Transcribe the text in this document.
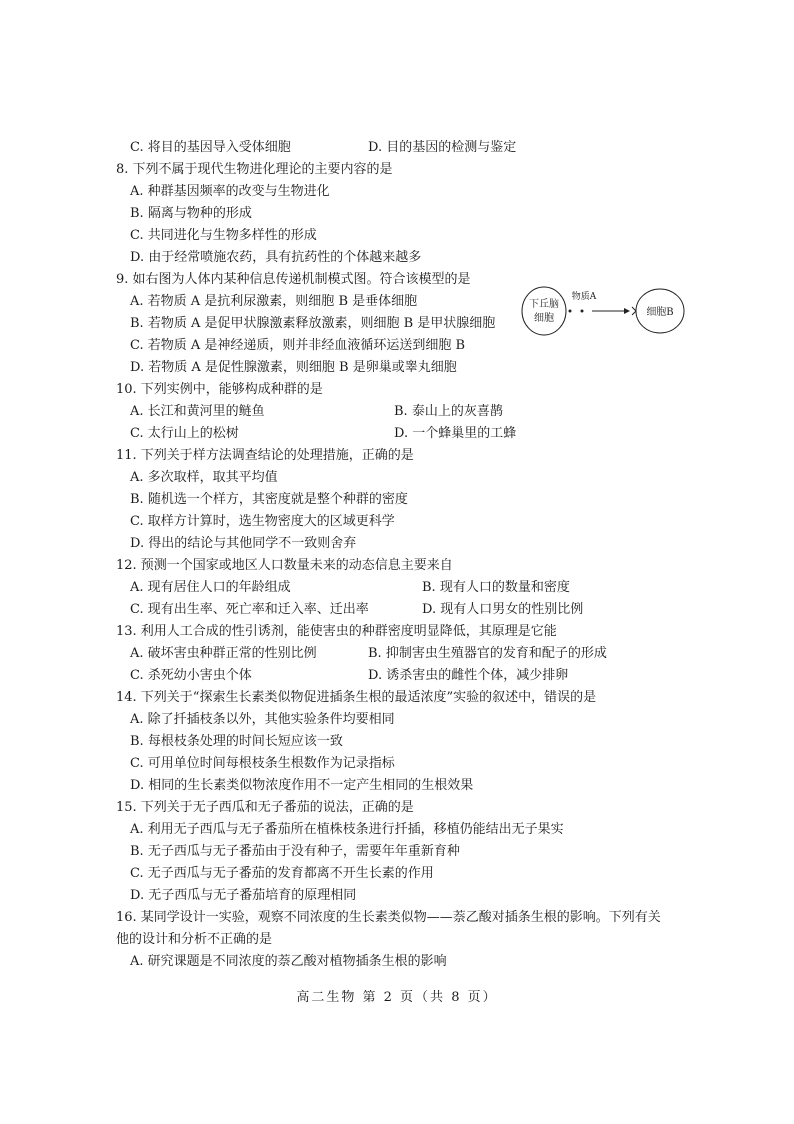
C. 将目的基因导入受体细胞	D. 目的基因的检测与鉴定
8. 下列不属于现代生物进化理论的主要内容的是
A. 种群基因频率的改变与生物进化
B. 隔离与物种的形成
C. 共同进化与生物多样性的形成
D. 由于经常喷施农药，具有抗药性的个体越来越多
9. 如右图为人体内某种信息传递机制模式图。符合该模型的是
A. 若物质 A 是抗利尿激素，则细胞 B 是垂体细胞
B. 若物质 A 是促甲状腺激素释放激素，则细胞 B 是甲状腺细胞
C. 若物质 A 是神经递质，则并非经血液循环运送到细胞 B
D. 若物质 A 是促性腺激素，则细胞 B 是卵巢或睾丸细胞
下丘脑
细胞
物质A
细胞B
10. 下列实例中，能够构成种群的是
A. 长江和黄河里的鲢鱼	B. 泰山上的灰喜鹊
C. 太行山上的松树	D. 一个蜂巢里的工蜂
11. 下列关于样方法调查结论的处理措施，正确的是
A. 多次取样，取其平均值
B. 随机选一个样方，其密度就是整个种群的密度
C. 取样方计算时，选生物密度大的区域更科学
D. 得出的结论与其他同学不一致则舍弃
12. 预测一个国家或地区人口数量未来的动态信息主要来自
A. 现有居住人口的年龄组成	B. 现有人口的数量和密度
C. 现有出生率、死亡率和迁入率、迁出率	D. 现有人口男女的性别比例
13. 利用人工合成的性引诱剂，能使害虫的种群密度明显降低，其原理是它能
A. 破坏害虫种群正常的性别比例	B. 抑制害虫生殖器官的发育和配子的形成
C. 杀死幼小害虫个体	D. 诱杀害虫的雌性个体，减少排卵
14. 下列关于“探索生长素类似物促进插条生根的最适浓度”实验的叙述中，错误的是
A. 除了扦插枝条以外，其他实验条件均要相同
B. 每根枝条处理的时间长短应该一致
C. 可用单位时间每根枝条生根数作为记录指标
D. 相同的生长素类似物浓度作用不一定产生相同的生根效果
15. 下列关于无子西瓜和无子番茄的说法，正确的是
A. 利用无子西瓜与无子番茄所在植株枝条进行扦插，移植仍能结出无子果实
B. 无子西瓜与无子番茄由于没有种子，需要年年重新育种
C. 无子西瓜与无子番茄的发育都离不开生长素的作用
D. 无子西瓜与无子番茄培育的原理相同
16. 某同学设计一实验，观察不同浓度的生长素类似物——萘乙酸对插条生根的影响。下列有关
他的设计和分析不正确的是
A. 研究课题是不同浓度的萘乙酸对植物插条生根的影响
高二生物 第 2 页（共 8 页）
